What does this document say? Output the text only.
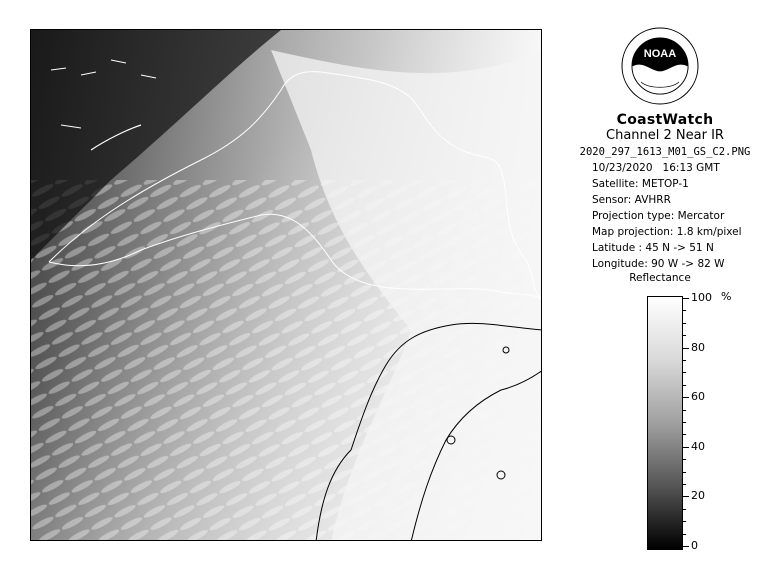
NOAA
CoastWatch
Channel 2 Near IR
2020_297_1613_M01_GS_C2.PNG
10/23/2020 16:13 GMT
Satellite: METOP-1
Sensor: AVHRR
Projection type: Mercator
Map projection: 1.8 km/pixel
Latitude : 45 N -> 51 N
Longitude: 90 W -> 82 W
Reflectance
%
100
80
60
40
20
0
